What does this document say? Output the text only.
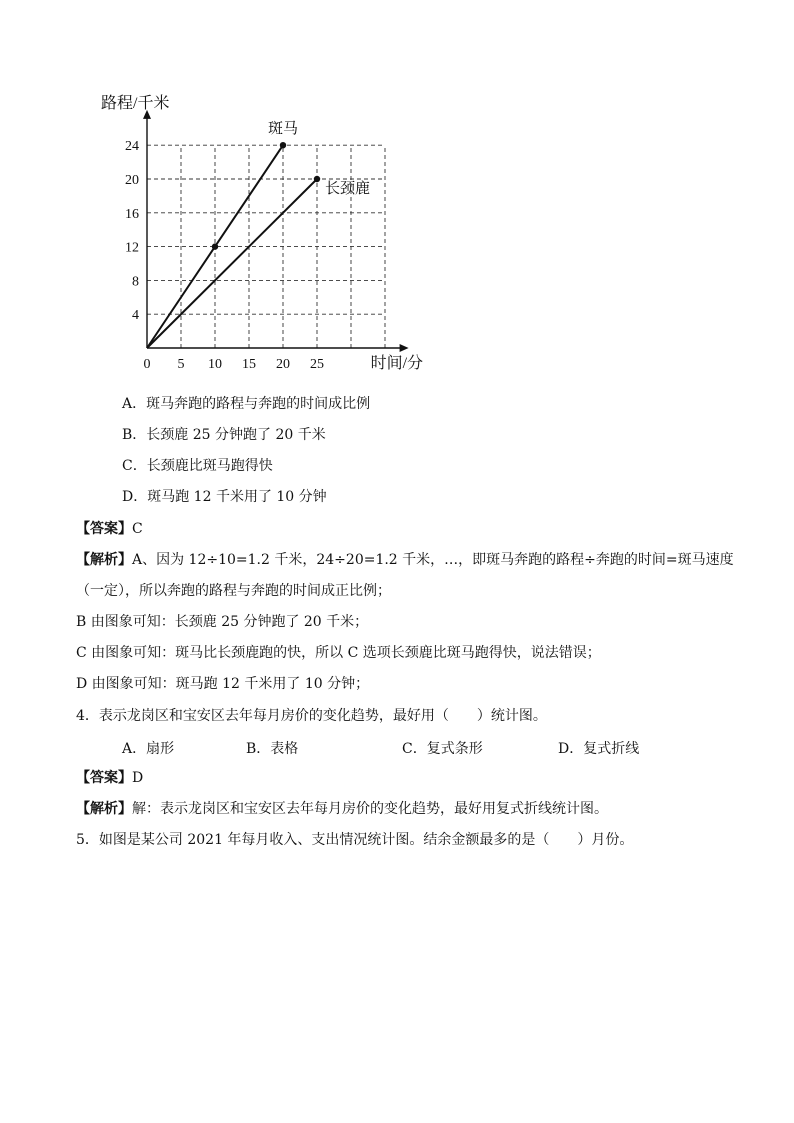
0 5 10 15 20 25
4
8
12
16
20
24
路程/千米
时间/分
斑马
长颈鹿
A．斑马奔跑的路程与奔跑的时间成比例
B．长颈鹿 25 分钟跑了 20 千米
C．长颈鹿比斑马跑得快
D．斑马跑 12 千米用了 10 分钟
【答案】C
【解析】A、因为 12÷10=1.2 千米，24÷20=1.2 千米，…，即斑马奔跑的路程÷奔跑的时间=斑马速度
（一定），所以奔跑的路程与奔跑的时间成正比例；
B 由图象可知：长颈鹿 25 分钟跑了 20 千米；
C 由图象可知：斑马比长颈鹿跑的快，所以 C 选项长颈鹿比斑马跑得快，说法错误；
D 由图象可知：斑马跑 12 千米用了 10 分钟；
4．表示龙岗区和宝安区去年每月房价的变化趋势，最好用（　　）统计图。
A．扇形	B．表格	C．复式条形	D．复式折线
【答案】D
【解析】解：表示龙岗区和宝安区去年每月房价的变化趋势，最好用复式折线统计图。
5．如图是某公司 2021 年每月收入、支出情况统计图。结余金额最多的是（　　）月份。
